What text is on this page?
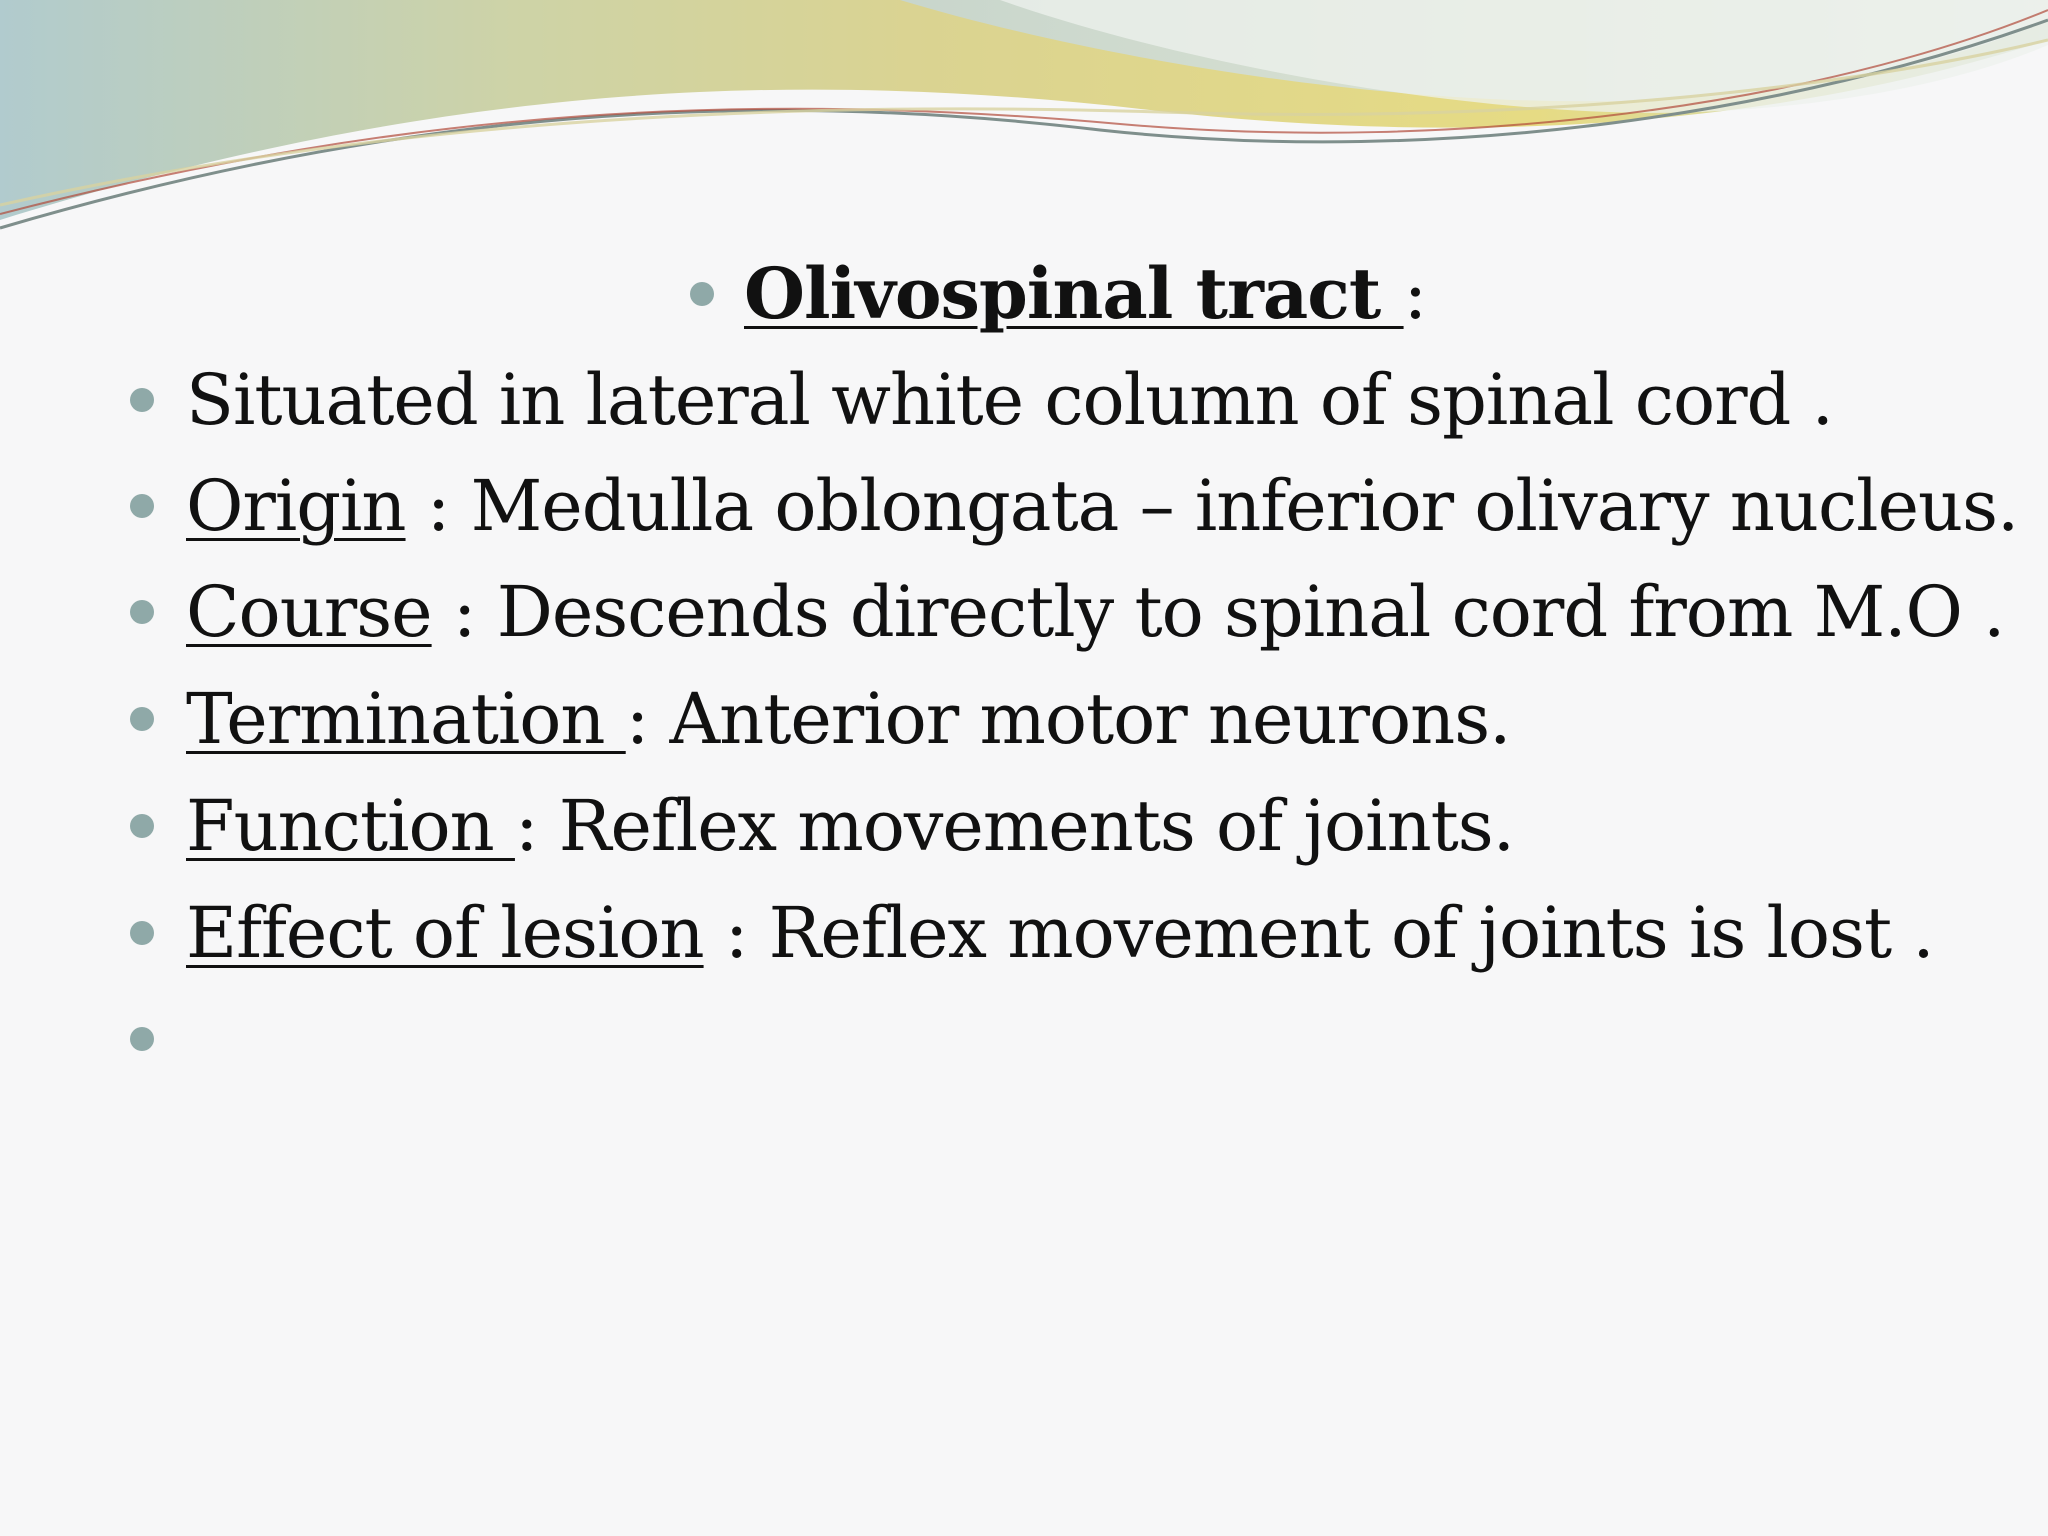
Olivospinal tract :
Situated in lateral white column of spinal cord .
Origin : Medulla oblongata – inferior olivary nucleus.
Course : Descends directly to spinal cord from M.O .
Termination : Anterior motor neurons.
Function : Reflex movements of joints.
Effect of lesion : Reflex movement of joints is lost .
